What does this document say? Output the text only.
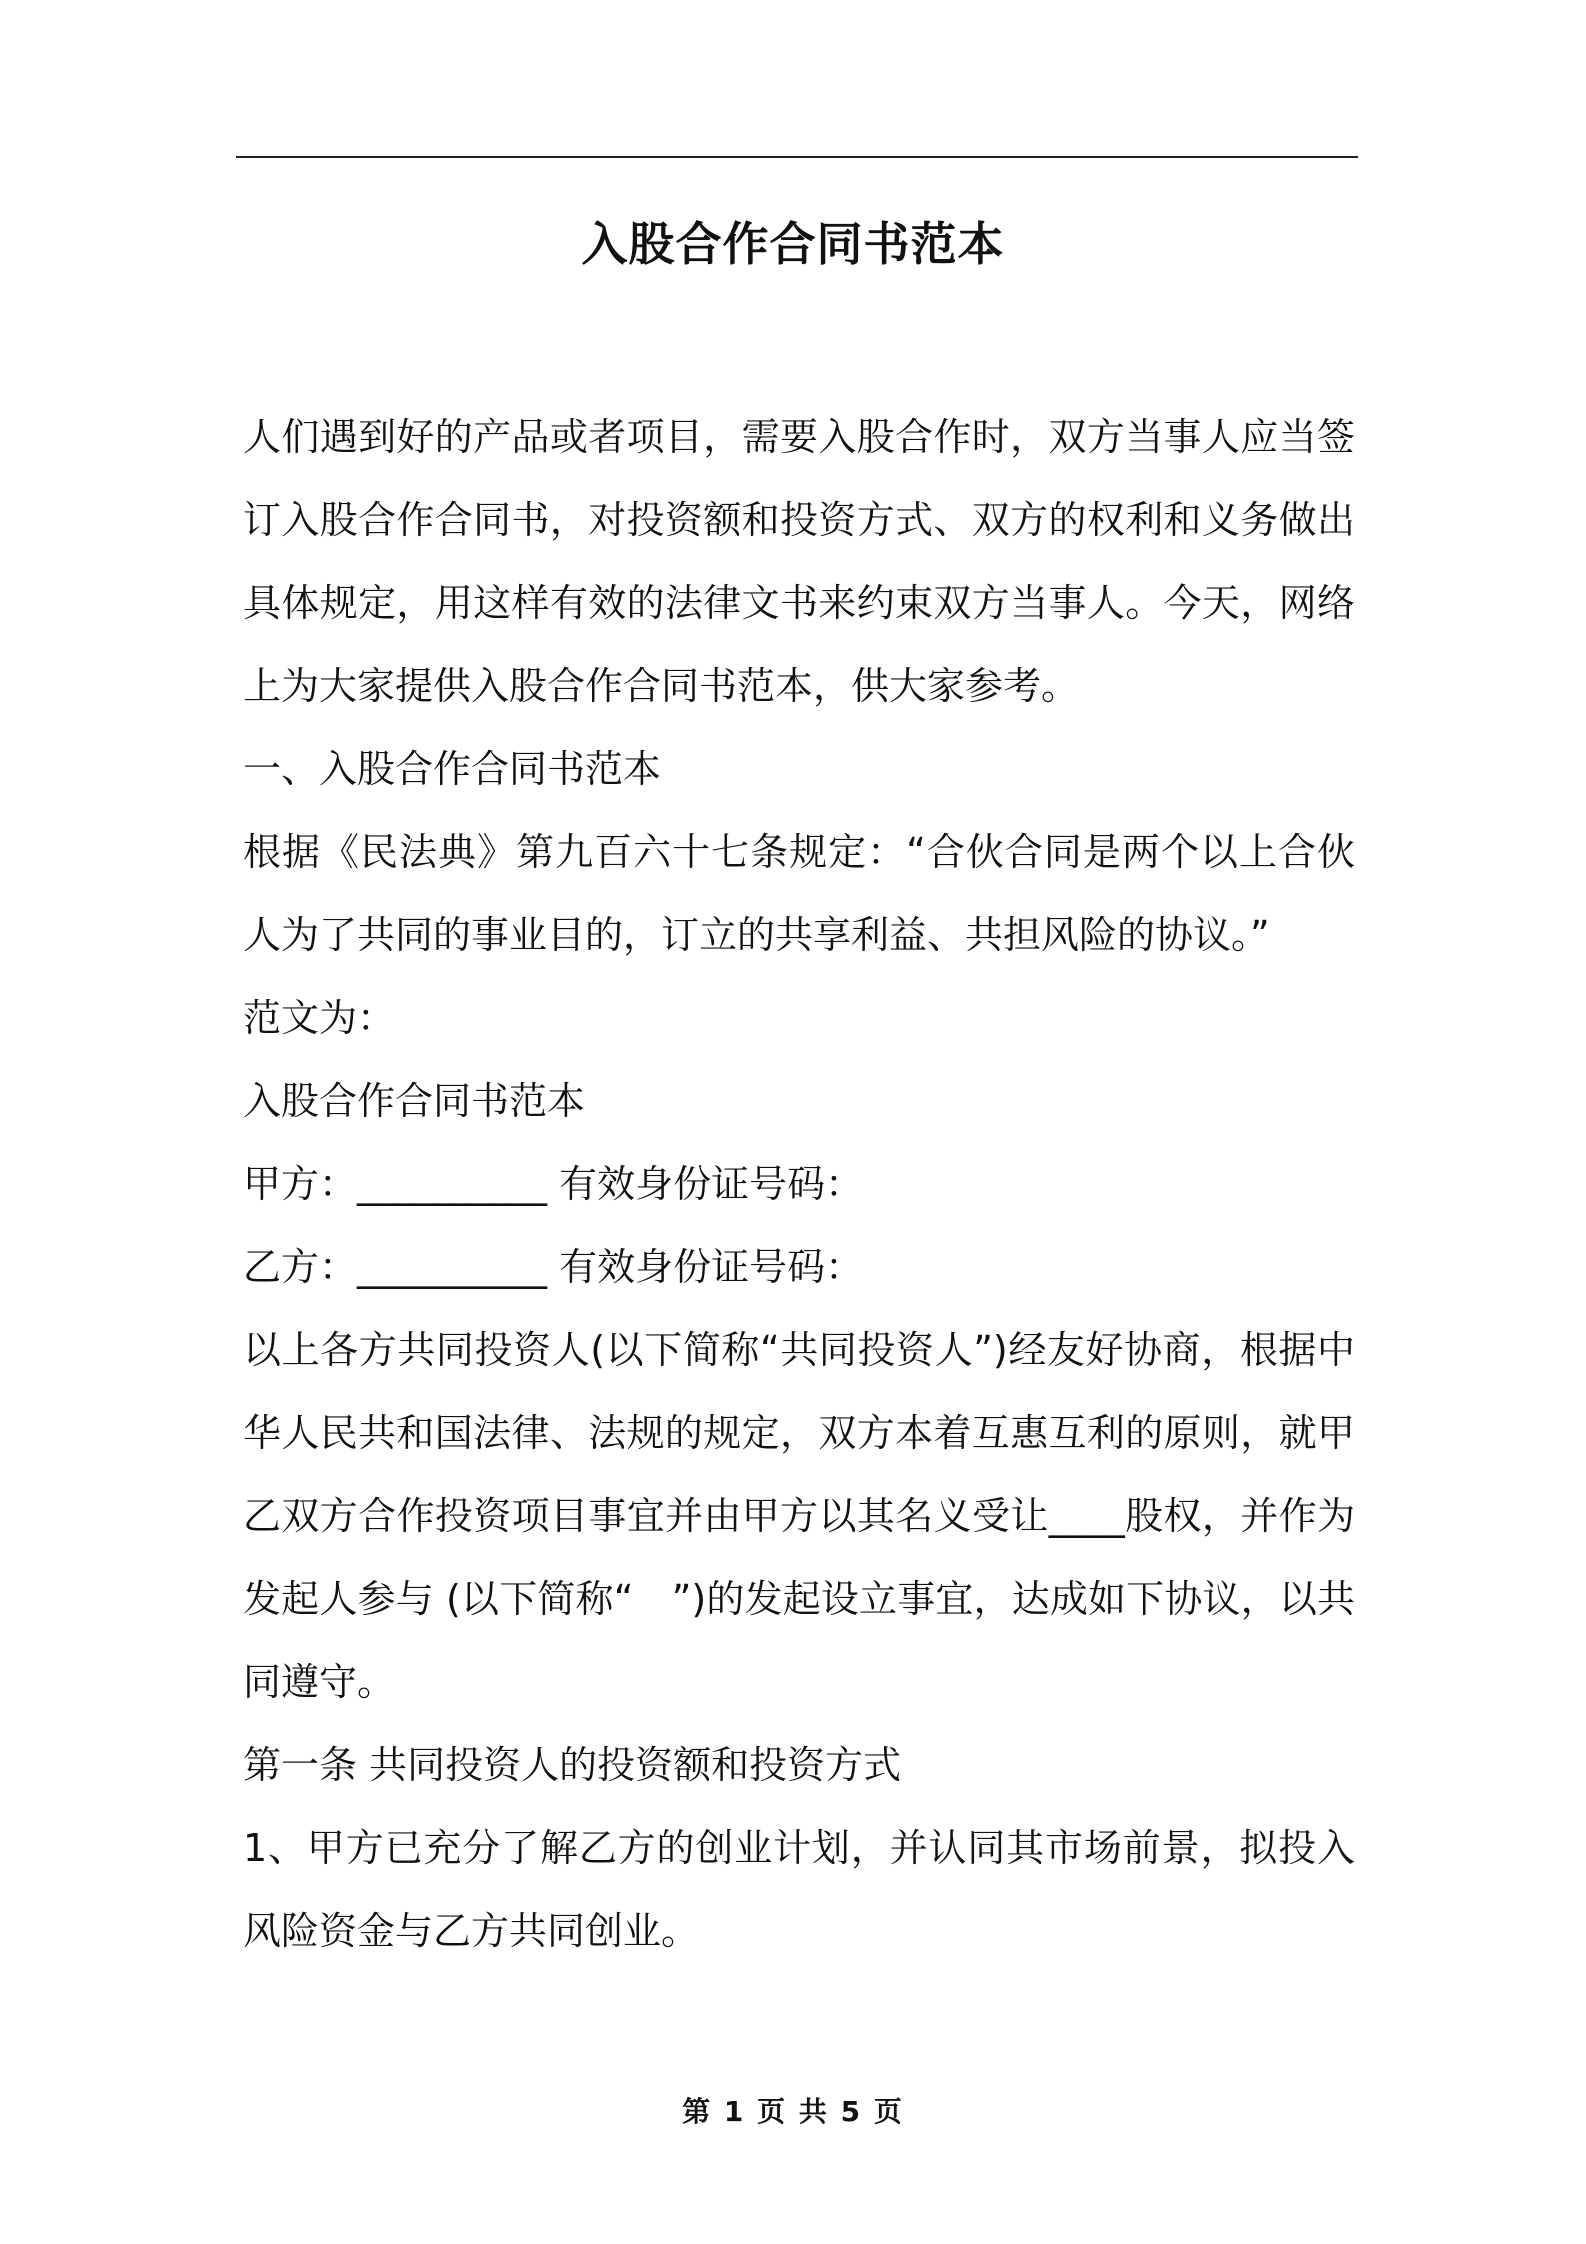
入股合作合同书范本

人们遇到好的产品或者项目，需要入股合作时，双方当事人应当签订入股合作合同书，对投资额和投资方式、双方的权利和义务做出具体规定，用这样有效的法律文书来约束双方当事人。今天，网络上为大家提供入股合作合同书范本，供大家参考。

一、入股合作合同书范本

根据《民法典》第九百六十七条规定：“合伙合同是两个以上合伙人为了共同的事业目的，订立的共享利益、共担风险的协议。”

范文为：

入股合作合同书范本

甲方：__________ 有效身份证号码：

乙方：__________ 有效身份证号码：

以上各方共同投资人(以下简称“共同投资人”)经友好协商，根据中华人民共和国法律、法规的规定，双方本着互惠互利的原则，就甲乙双方合作投资项目事宜并由甲方以其名义受让____股权，并作为发起人参与 (以下简称“　”)的发起设立事宜，达成如下协议，以共同遵守。

第一条 共同投资人的投资额和投资方式

1、甲方已充分了解乙方的创业计划，并认同其市场前景，拟投入风险资金与乙方共同创业。

第 1 页 共 5 页
